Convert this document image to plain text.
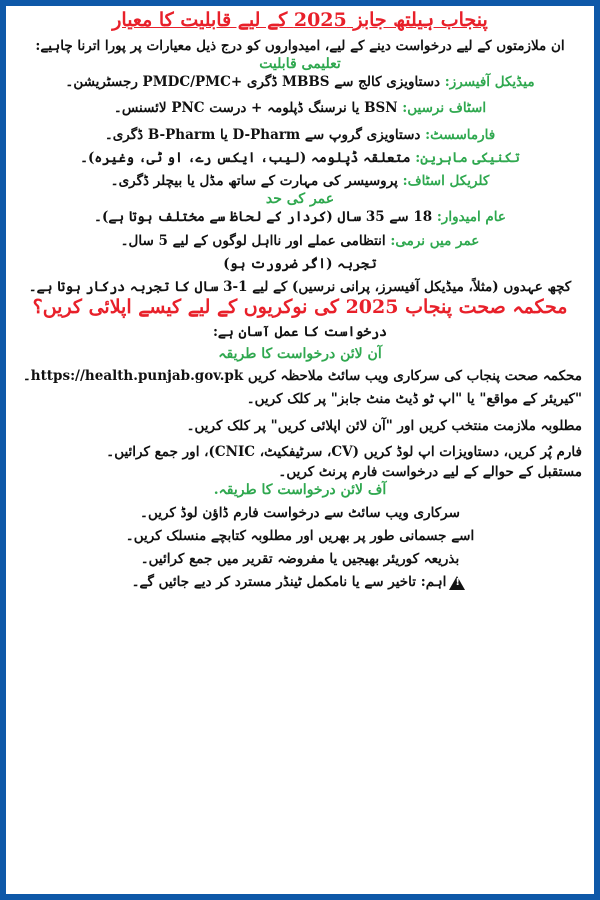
پنجاب ہیلتھ جابز 2025 کے لیے قابلیت کا معیار

ان ملازمتوں کے لیے درخواست دینے کے لیے، امیدواروں کو درج ذیل معیارات پر پورا اترنا چاہیے:

تعلیمی قابلیت

میڈیکل آفیسرز: دستاویزی کالج سے MBBS ڈگری +PMDC/PMC رجسٹریشن۔

اسٹاف نرسیں: BSN یا نرسنگ ڈپلومہ + درست PNC لائسنس۔

فارماسسٹ: دستاویزی گروپ سے D-Pharm یا B-Pharm ڈگری۔

تکنیکی ماہرین: متعلقہ ڈپلومہ (لیب، ایکس رے، او ٹی، وغیرہ)۔

کلریکل اسٹاف: پروسیسر کی مہارت کے ساتھ مڈل یا بیچلر ڈگری۔

عمر کی حد

عام امیدوار: 18 سے 35 سال (کردار کے لحاظ سے مختلف ہوتا ہے)۔

عمر میں نرمی: انتظامی عملے اور نااہل لوگوں کے لیے 5 سال۔

تجربہ (اگر ضرورت ہو)

کچھ عہدوں (مثلاً، میڈیکل آفیسرز، پرانی نرسیں) کے لیے 1-3 سال کا تجربہ درکار ہوتا ہے۔

محکمہ صحت پنجاب 2025 کی نوکریوں کے لیے کیسے اپلائی کریں؟

درخواست کا عمل آسان ہے:

آن لائن درخواست کا طریقہ

محکمہ صحت پنجاب کی سرکاری ویب سائٹ ملاحظہ کریں https://health.punjab.gov.pk۔

"کیریئر کے مواقع" یا "اپ ٹو ڈیٹ منٹ جابز" پر کلک کریں۔

مطلوبہ ملازمت منتخب کریں اور "آن لائن اپلائی کریں" پر کلک کریں۔

فارم پُر کریں، دستاویزات اپ لوڈ کریں (CV، سرٹیفکیٹ، CNIC)، اور جمع کرائیں۔

مستقبل کے حوالے کے لیے درخواست فارم پرنٹ کریں۔

آف لائن درخواست کا طریقہ.

سرکاری ویب سائٹ سے درخواست فارم ڈاؤن لوڈ کریں۔

اسے جسمانی طور پر بھریں اور مطلوبہ کتابچے منسلک کریں۔

بذریعہ کوریئر بھیجیں یا مفروضہ تقریر میں جمع کرائیں۔

!اہم: تاخیر سے یا نامکمل ٹینڈر مسترد کر دیے جائیں گے۔
